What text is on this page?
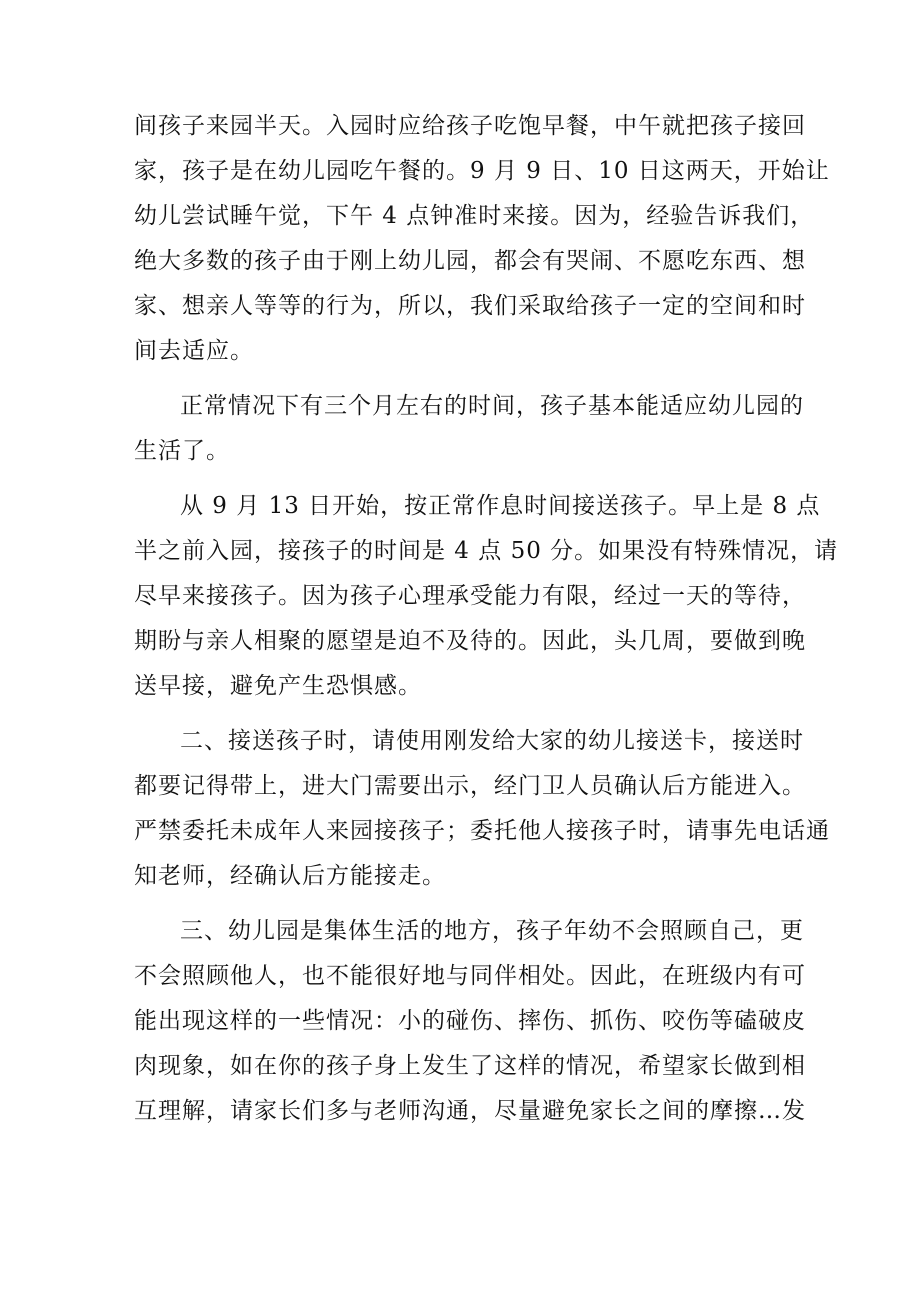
间孩子来园半天。入园时应给孩子吃饱早餐，中午就把孩子接回
家，孩子是在幼儿园吃午餐的。9 月 9 日、10 日这两天，开始让
幼儿尝试睡午觉，下午 4 点钟准时来接。因为，经验告诉我们，
绝大多数的孩子由于刚上幼儿园，都会有哭闹、不愿吃东西、想
家、想亲人等等的行为，所以，我们采取给孩子一定的空间和时
间去适应。
正常情况下有三个月左右的时间，孩子基本能适应幼儿园的
生活了。
从 9 月 13 日开始，按正常作息时间接送孩子。早上是 8 点
半之前入园，接孩子的时间是 4 点 50 分。如果没有特殊情况，请
尽早来接孩子。因为孩子心理承受能力有限，经过一天的等待，
期盼与亲人相聚的愿望是迫不及待的。因此，头几周，要做到晚
送早接，避免产生恐惧感。
二、接送孩子时，请使用刚发给大家的幼儿接送卡，接送时
都要记得带上，进大门需要出示，经门卫人员确认后方能进入。
严禁委托未成年人来园接孩子；委托他人接孩子时，请事先电话通
知老师，经确认后方能接走。
三、幼儿园是集体生活的地方，孩子年幼不会照顾自己，更
不会照顾他人，也不能很好地与同伴相处。因此，在班级内有可
能出现这样的一些情况：小的碰伤、摔伤、抓伤、咬伤等磕破皮
肉现象，如在你的孩子身上发生了这样的情况，希望家长做到相
互理解，请家长们多与老师沟通，尽量避免家长之间的摩擦…发
